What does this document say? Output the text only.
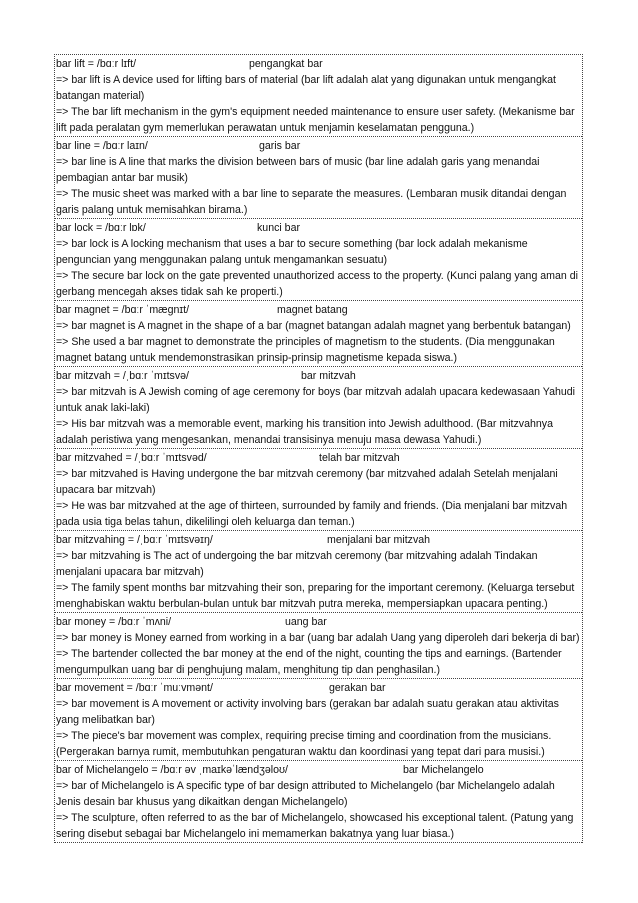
bar lift = /bɑːr lɪft/	pengangkat bar
=> bar lift is A device used for lifting bars of material (bar lift adalah alat yang digunakan untuk mengangkat batangan material)
=> The bar lift mechanism in the gym's equipment needed maintenance to ensure user safety. (Mekanisme bar lift pada peralatan gym memerlukan perawatan untuk menjamin keselamatan pengguna.)
bar line = /bɑːr laɪn/	garis bar
=> bar line is A line that marks the division between bars of music (bar line adalah garis yang menandai pembagian antar bar musik)
=> The music sheet was marked with a bar line to separate the measures. (Lembaran musik ditandai dengan garis palang untuk memisahkan birama.)
bar lock = /bɑːr lɒk/	kunci bar
=> bar lock is A locking mechanism that uses a bar to secure something (bar lock adalah mekanisme penguncian yang menggunakan palang untuk mengamankan sesuatu)
=> The secure bar lock on the gate prevented unauthorized access to the property. (Kunci palang yang aman di gerbang mencegah akses tidak sah ke properti.)
bar magnet = /bɑːr ˈmæɡnɪt/	magnet batang
=> bar magnet is A magnet in the shape of a bar (magnet batangan adalah magnet yang berbentuk batangan)
=> She used a bar magnet to demonstrate the principles of magnetism to the students. (Dia menggunakan magnet batang untuk mendemonstrasikan prinsip-prinsip magnetisme kepada siswa.)
bar mitzvah = /ˌbɑːr ˈmɪtsvə/	bar mitzvah
=> bar mitzvah is A Jewish coming of age ceremony for boys (bar mitzvah adalah upacara kedewasaan Yahudi untuk anak laki-laki)
=> His bar mitzvah was a memorable event, marking his transition into Jewish adulthood. (Bar mitzvahnya adalah peristiwa yang mengesankan, menandai transisinya menuju masa dewasa Yahudi.)
bar mitzvahed = /ˌbɑːr ˈmɪtsvəd/	telah bar mitzvah
=> bar mitzvahed is Having undergone the bar mitzvah ceremony (bar mitzvahed adalah Setelah menjalani upacara bar mitzvah)
=> He was bar mitzvahed at the age of thirteen, surrounded by family and friends. (Dia menjalani bar mitzvah pada usia tiga belas tahun, dikelilingi oleh keluarga dan teman.)
bar mitzvahing = /ˌbɑːr ˈmɪtsvəɪŋ/	menjalani bar mitzvah
=> bar mitzvahing is The act of undergoing the bar mitzvah ceremony (bar mitzvahing adalah Tindakan menjalani upacara bar mitzvah)
=> The family spent months bar mitzvahing their son, preparing for the important ceremony. (Keluarga tersebut menghabiskan waktu berbulan-bulan untuk bar mitzvah putra mereka, mempersiapkan upacara penting.)
bar money = /bɑːr ˈmʌni/	uang bar
=> bar money is Money earned from working in a bar (uang bar adalah Uang yang diperoleh dari bekerja di bar)
=> The bartender collected the bar money at the end of the night, counting the tips and earnings. (Bartender mengumpulkan uang bar di penghujung malam, menghitung tip dan penghasilan.)
bar movement = /bɑːr ˈmuːvmənt/	gerakan bar
=> bar movement is A movement or activity involving bars (gerakan bar adalah suatu gerakan atau aktivitas yang melibatkan bar)
=> The piece's bar movement was complex, requiring precise timing and coordination from the musicians. (Pergerakan barnya rumit, membutuhkan pengaturan waktu dan koordinasi yang tepat dari para musisi.)
bar of Michelangelo = /bɑːr əv ˌmaɪkəˈlændʒəloʊ/	bar Michelangelo
=> bar of Michelangelo is A specific type of bar design attributed to Michelangelo (bar Michelangelo adalah Jenis desain bar khusus yang dikaitkan dengan Michelangelo)
=> The sculpture, often referred to as the bar of Michelangelo, showcased his exceptional talent. (Patung yang sering disebut sebagai bar Michelangelo ini memamerkan bakatnya yang luar biasa.)
